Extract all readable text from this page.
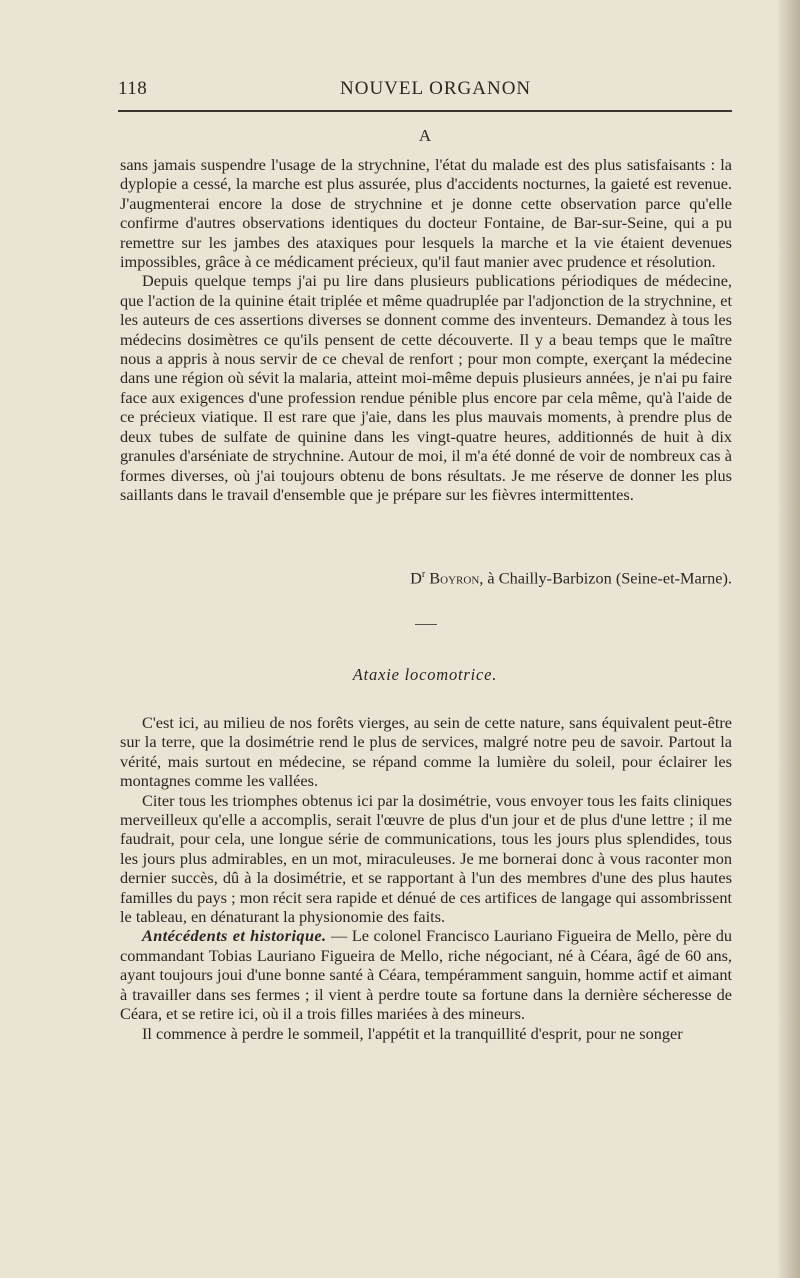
118	NOUVEL ORGANON
A

sans jamais suspendre l'usage de la strychnine, l'état du malade est des plus satisfaisants : la dyplopie a cessé, la marche est plus assurée, plus d'accidents nocturnes, la gaieté est revenue. J'augmenterai encore la dose de strychnine et je donne cette observation parce qu'elle confirme d'autres observations identiques du docteur Fontaine, de Bar-sur-Seine, qui a pu remettre sur les jambes des ataxiques pour lesquels la marche et la vie étaient devenues impossibles, grâce à ce médicament précieux, qu'il faut manier avec prudence et résolution.

Depuis quelque temps j'ai pu lire dans plusieurs publications périodiques de médecine, que l'action de la quinine était triplée et même quadruplée par l'adjonction de la strychnine, et les auteurs de ces assertions diverses se donnent comme des inventeurs. Demandez à tous les médecins dosimètres ce qu'ils pensent de cette découverte. Il y a beau temps que le maître nous a appris à nous servir de ce cheval de renfort ; pour mon compte, exerçant la médecine dans une région où sévit la malaria, atteint moi-même depuis plusieurs années, je n'ai pu faire face aux exigences d'une profession rendue pénible plus encore par cela même, qu'à l'aide de ce précieux viatique. Il est rare que j'aie, dans les plus mauvais moments, à prendre plus de deux tubes de sulfate de quinine dans les vingt-quatre heures, additionnés de huit à dix granules d'arséniate de strychnine. Autour de moi, il m'a été donné de voir de nombreux cas à formes diverses, où j'ai toujours obtenu de bons résultats. Je me réserve de donner les plus saillants dans le travail d'ensemble que je prépare sur les fièvres intermittentes.

$D^r$ Boyron, à Chailly-Barbizon (Seine-et-Marne).
Ataxie locomotrice.

C'est ici, au milieu de nos forêts vierges, au sein de cette nature, sans équivalent peut-être sur la terre, que la dosimétrie rend le plus de services, malgré notre peu de savoir. Partout la vérité, mais surtout en médecine, se répand comme la lumière du soleil, pour éclairer les montagnes comme les vallées.

Citer tous les triomphes obtenus ici par la dosimétrie, vous envoyer tous les faits cliniques merveilleux qu'elle a accomplis, serait l'œuvre de plus d'un jour et de plus d'une lettre ; il me faudrait, pour cela, une longue série de communications, tous les jours plus splendides, tous les jours plus admirables, en un mot, miraculeuses. Je me bornerai donc à vous raconter mon dernier succès, dû à la dosimétrie, et se rapportant à l'un des membres d'une des plus hautes familles du pays ; mon récit sera rapide et dénué de ces artifices de langage qui assombrissent le tableau, en dénaturant la physionomie des faits.

Antécédents et historique. — Le colonel Francisco Lauriano Figueira de Mello, père du commandant Tobias Lauriano Figueira de Mello, riche négociant, né à Céara, âgé de 60 ans, ayant toujours joui d'une bonne santé à Céara, tempéramment sanguin, homme actif et aimant à travailler dans ses fermes ; il vient à perdre toute sa fortune dans la dernière sécheresse de Céara, et se retire ici, où il a trois filles mariées à des mineurs.

Il commence à perdre le sommeil, l'appétit et la tranquillité d'esprit, pour ne songer
